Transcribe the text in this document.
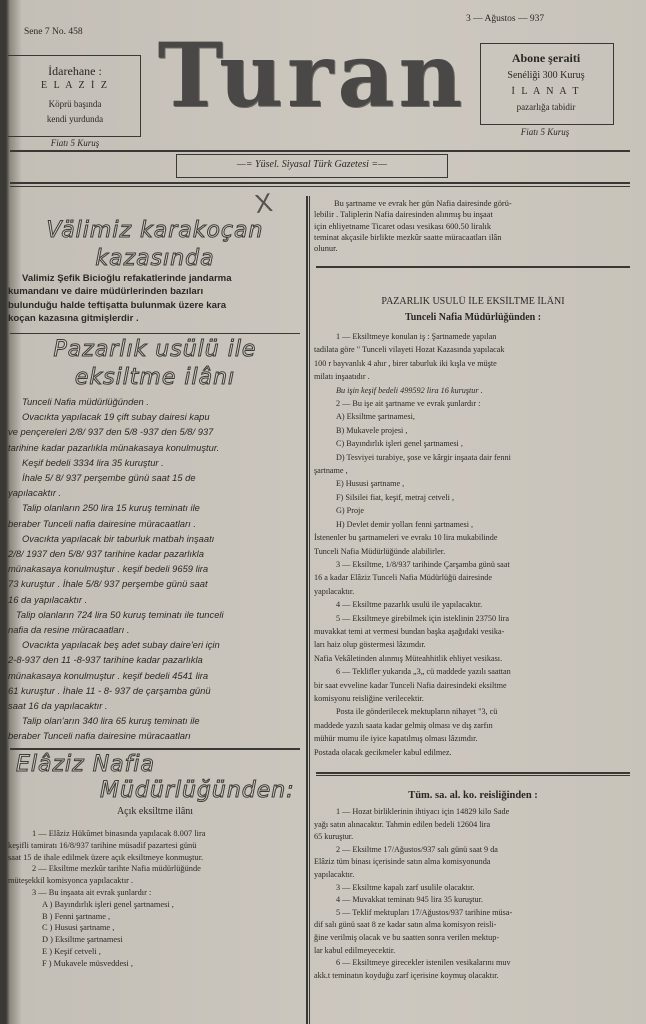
Sene 7 No. 458
3 — Ağustos — 937
İdarehane :
E L A Z İ Z
Köprü başında
kendi yurdunda
Fiatı 5 Kuruş
Turan	Abone şeraiti
Senéliği 300 Kuruş
İ L A N A T
pazarlığa tabidir
Fiatı 5 Kuruş
—= Yüsel. Siyasal Türk Gazetesi =—
X
Välimiz karakoçan
kazasında
Valimiz Şefik Bicioğlu refakatlerinde jandarma
kumandanı ve daire müdürlerinden bazıları
bulunduğu halde teftişatta bulunmak üzere kara
koçan kazasına gitmişlerdir .
Pazarlık usülü ile
eksiltme ilânı
Tunceli Nafia müdürlüğünden .
Ovacıkta yapılacak 19 çift subay dairesi kapu
ve pençereleri 2/8/ 937 den 5/8 -937 den 5/8/ 937
tarihine kadar pazarlıkla münakasaya konulmuştur.
Keşif bedeli 3334 lira 35 kuruştur .
İhale 5/ 8/ 937 perşembe günü saat 15 de
yapılacaktır .
Talip olanların 250 lira 15 kuruş teminatı ile
beraber Tunceli nafia dairesine müracaatları .
Ovacıkta yapılacak bir taburluk matbah inşaatı
2/8/ 1937 den 5/8/ 937 tarihine kadar pazarlıkla
münakasaya konulmuştur . keşif bedeli 9659 lira
73 kuruştur . İhale 5/8/ 937 perşembe günü saat
16 da yapılacaktır .
Talip olanların 724 lira 50 kuruş teminatı ile tunceli
nafia da resine müracaatları .
Ovacıkta yapılacak beş adet subay daire'eri için
2-8-937 den 11 -8-937 tarihine kadar pazarlıkla
münakasaya konulmuştur . keşif bedeli 4541 lira
61 kuruştur . İhale 11 - 8- 937 de çarşamba günü
saat 16 da yapılacaktır .
Talip olan'arın 340 lira 65 kuruş teminatı ile
beraber Tunceli nafia dairesine müracaatları
Elâziz Nafia
Müdürlüğünden:
Açık eksiltme ilânı
1 — Elâziz Hükûmet binasında yapılacak 8.007 lira
keşifli tamiratı 16/8/937 tarihine müsadif pazartesi günü
saat 15 de ihale edilmek üzere açık eksiltmeye konmuştur.
2 — Eksiltme mezkûr tarihte Nafia müdürlüğünde
müteşekkil komisyonca yapılacaktır .
3 — Bu inşaata ait evrak şunlardır :
A ) Bayındırlık işleri genel şartnamesi ,
B ) Fenni şartname ,
C ) Hususi şartname ,
D ) Eksiltme şartnamesi
E ) Keşif cetveli ,
F ) Mukavele müsveddesi ,
Bu şartname ve evrak her gün Nafia dairesinde görü-
lebilir . Taliplerin Nafia dairesinden alınmış bu inşaat
için ehliyetname Ticaret odası vesikası 600.50 liralık
teminat akçasile birlikte mezkûr saatte müracaatları ilân
olunur.
PAZARLIK USULÜ İLE EKSİLTME İLÂNI
Tunceli Nafia Müdürlüğünden :
1 — Eksiltmeye konulan iş : Şartnamede yapılan
tadilata göre " Tunceli vilayeti Hozat Kazasında yapılacak
100 r bayvanlık 4 ahır , birer taburluk iki kışla ve müşte
milatı inşaatıdır .
Bu işin keşif bedeli 499592 lira 16 kuruştur .
2 — Bu işe ait şartname ve evrak şunlardır :
A) Eksiltme şartnamesi,
B) Mukavele projesi ,
C) Bayındırlık işleri genel şartnamesi ,
D) Tesviyei turabiye, şose ve kârgir inşaata dair fenni
şartname ,
E) Hususi şartname ,
F) Silsilei fiat, keşif, metraj cetveli ,
G) Proje
H) Devlet demir yolları fenni şartnamesi ,
İstenenler bu şartnameleri ve evrakı 10 lira mukabilinde
Tunceli Nafia Müdürlüğünde alabilirler.
3 — Eksiltme, 1/8/937 tarihinde Çarşamba günü saat
16 a kadar Elâziz Tunceli Nafia Müdürlüğü dairesinde
yapılacaktır.
4 — Eksiltme pazarlık usulü ile yapılacaktır.
5 — Eksiltmeye girebilmek için isteklinin 23750 lira
muvakkat temi at vermesi bundan başka aşağıdaki vesika-
ları haiz olup göstermesi lâzımdır.
Nafia Vekâletinden alınmış Müteahhitlik ehliyet vesikası.
6 — Teklifler yukarıda „3„ cü maddede yazılı saattan
bir saat evveline kadar Tunceli Nafia dairesindeki eksiltme
komisyonu reisliğine verilecektir.
Posta ile gönderilecek mektupların nihayet "3, cü
maddede yazılı saata kadar gelmiş olması ve dış zarfın
mühür mumu ile iyice kapatılmış olması lâzımdır.
Postada olacak gecikmeler kabul edilmez.
Tüm. sa. al. ko. reisliğinden :
1 — Hozat birliklerinin ihtiyacı için 14829 kilo Sade
yağı satın alınacaktır. Tahmin edilen bedeli 12604 lira
65 kuruştur.
2 — Eksiltme 17/Ağustos/937 salı günü saat 9 da
Elâziz tüm binası içerisinde satın alma komisyonunda
yapılacaktır.
3 — Eksiltme kapalı zarf usulile olacaktır.
4 — Muvakkat teminatı 945 lira 35 kuruştur.
5 — Teklif mektupları 17/Ağustos/937 tarihine müsa-
dif salı günü saat 8 ze kadar satın alma komisyon reisli-
ğine verilmiş olacak ve bu saatten sonra verilen mektup-
lar kabul edilmeyecektir.
6 — Eksiltmeye girecekler istenilen vesikalarını muv
akk.t teminatın koyduğu zarf içerisine koymuş olacaktır.
